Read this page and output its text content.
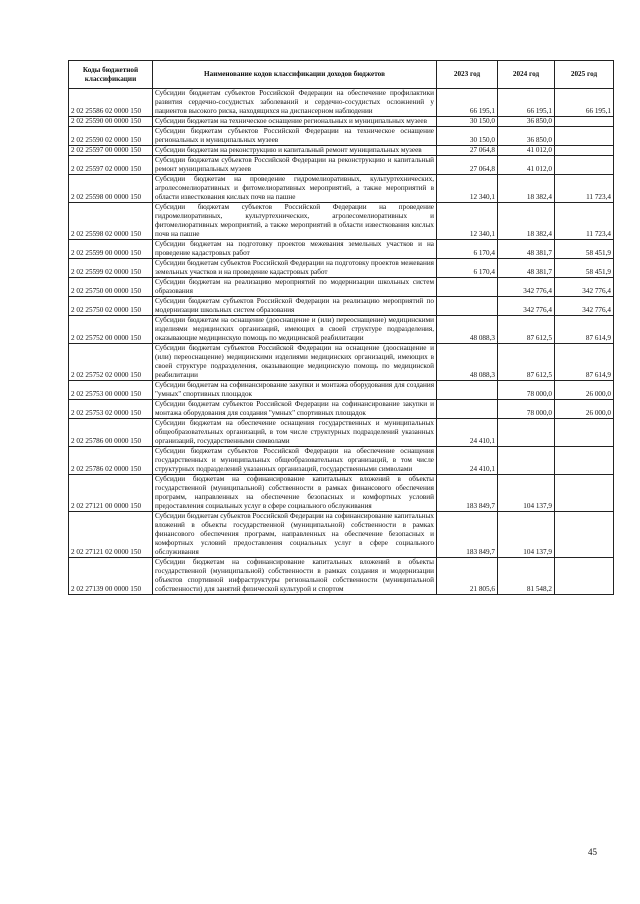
Коды бюджетной классификации	Наименование кодов классификации доходов бюджетов	2023 год	2024 год	2025 год
2 02 25586 02 0000 150	Субсидии бюджетам субъектов Российской Федерации на обеспечение профилактики развития сердечно-сосудистых заболеваний и сердечно-сосудистых осложнений у пациентов высокого риска, находящихся на диспансерном наблюдении	66 195,1	66 195,1	66 195,1
2 02 25590 00 0000 150	Субсидии бюджетам на техническое оснащение региональных и муниципальных музеев	30 150,0	36 850,0	
2 02 25590 02 0000 150	Субсидии бюджетам субъектов Российской Федерации на техническое оснащение региональных и муниципальных музеев	30 150,0	36 850,0	
2 02 25597 00 0000 150	Субсидии бюджетам на реконструкцию и капитальный ремонт муниципальных музеев	27 064,8	41 012,0	
2 02 25597 02 0000 150	Субсидии бюджетам субъектов Российской Федерации на реконструкцию и капитальный ремонт муниципальных музеев	27 064,8	41 012,0	
2 02 25598 00 0000 150	Субсидии бюджетам на проведение гидромелиоративных, культуртехнических, агролесомелиоративных и фитомелиоративных мероприятий, а также мероприятий в области известкования кислых почв на пашне	12 340,1	18 382,4	11 723,4
2 02 25598 02 0000 150	Субсидии бюджетам субъектов Российской Федерации на проведение гидромелиоративных, культуртехнических, агролесомелиоративных и фитомелиоративных мероприятий, а также мероприятий в области известкования кислых почв на пашне	12 340,1	18 382,4	11 723,4
2 02 25599 00 0000 150	Субсидии бюджетам на подготовку проектов межевания земельных участков и на проведение кадастровых работ	6 170,4	48 381,7	58 451,9
2 02 25599 02 0000 150	Субсидии бюджетам субъектов Российской Федерации на подготовку проектов межевания земельных участков и на проведение кадастровых работ	6 170,4	48 381,7	58 451,9
2 02 25750 00 0000 150	Субсидии бюджетам на реализацию мероприятий по модернизации школьных систем образования		342 776,4	342 776,4
2 02 25750 02 0000 150	Субсидии бюджетам субъектов Российской Федерации на реализацию мероприятий по модернизации школьных систем образования		342 776,4	342 776,4
2 02 25752 00 0000 150	Субсидии бюджетам на оснащение (дооснащение и (или) переоснащение) медицинскими изделиями медицинских организаций, имеющих в своей структуре подразделения, оказывающие медицинскую помощь по медицинской реабилитации	48 088,3	87 612,5	87 614,9
2 02 25752 02 0000 150	Субсидии бюджетам субъектов Российской Федерации на оснащение (дооснащение и (или) переоснащение) медицинскими изделиями медицинских организаций, имеющих в своей структуре подразделения, оказывающие медицинскую помощь по медицинской реабилитации	48 088,3	87 612,5	87 614,9
2 02 25753 00 0000 150	Субсидии бюджетам на софинансирование закупки и монтажа оборудования для создания "умных" спортивных площадок		78 000,0	26 000,0
2 02 25753 02 0000 150	Субсидии бюджетам субъектов Российской Федерации на софинансирование закупки и монтажа оборудования для создания "умных" спортивных площадок		78 000,0	26 000,0
2 02 25786 00 0000 150	Субсидии бюджетам на обеспечение оснащения государственных и муниципальных общеобразовательных организаций, в том числе структурных подразделений указанных организаций, государственными символами	24 410,1		
2 02 25786 02 0000 150	Субсидии бюджетам субъектов Российской Федерации на обеспечение оснащения государственных и муниципальных общеобразовательных организаций, в том числе структурных подразделений указанных организаций, государственными символами	24 410,1		
2 02 27121 00 0000 150	Субсидии бюджетам на софинансирование капитальных вложений в объекты государственной (муниципальной) собственности в рамках финансового обеспечения программ, направленных на обеспечение безопасных и комфортных условий предоставления социальных услуг в сфере социального обслуживания	183 849,7	104 137,9	
2 02 27121 02 0000 150	Субсидии бюджетам субъектов Российской Федерации на софинансирование капитальных вложений в объекты государственной (муниципальной) собственности в рамках финансового обеспечения программ, направленных на обеспечение безопасных и комфортных условий предоставления социальных услуг в сфере социального обслуживания	183 849,7	104 137,9	
2 02 27139 00 0000 150	Субсидии бюджетам на софинансирование капитальных вложений в объекты государственной (муниципальной) собственности в рамках создания и модернизации объектов спортивной инфраструктуры региональной собственности (муниципальной собственности) для занятий физической культурой и спортом	21 805,6	81 548,2	
45
